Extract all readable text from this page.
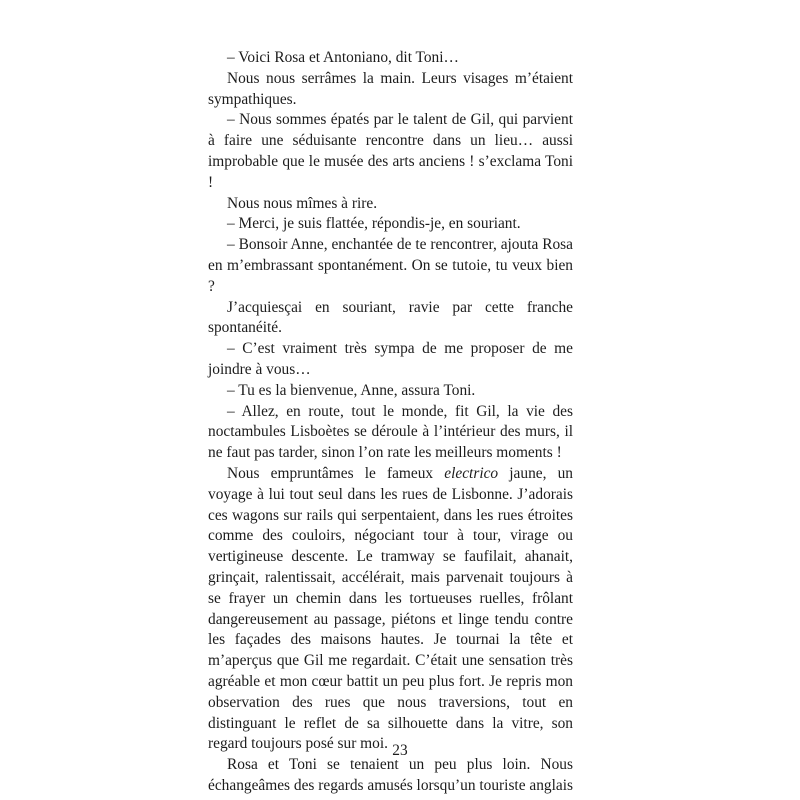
– Voici Rosa et Antoniano, dit Toni…

Nous nous serrâmes la main. Leurs visages m’étaient sympathiques.

– Nous sommes épatés par le talent de Gil, qui parvient à faire une séduisante rencontre dans un lieu… aussi improbable que le musée des arts anciens ! s’exclama Toni !

Nous nous mîmes à rire.

– Merci, je suis flattée, répondis-je, en souriant.

– Bonsoir Anne, enchantée de te rencontrer, ajouta Rosa en m’embrassant spontanément. On se tutoie, tu veux bien ?

J’acquiesçai en souriant, ravie par cette franche spontanéité.

– C’est vraiment très sympa de me proposer de me joindre à vous…

– Tu es la bienvenue, Anne, assura Toni.

– Allez, en route, tout le monde, fit Gil, la vie des noctambules Lisboètes se déroule à l’intérieur des murs, il ne faut pas tarder, sinon l’on rate les meilleurs moments !

Nous empruntâmes le fameux electrico jaune, un voyage à lui tout seul dans les rues de Lisbonne. J’adorais ces wagons sur rails qui serpentaient, dans les rues étroites comme des couloirs, négociant tour à tour, virage ou vertigineuse descente. Le tramway se faufilait, ahanait, grinçait, ralentissait, accélérait, mais parvenait toujours à se frayer un chemin dans les tortueuses ruelles, frôlant dangereusement au passage, piétons et linge tendu contre les façades des maisons hautes. Je tournai la tête et m’aperçus que Gil me regardait. C’était une sensation très agréable et mon cœur battit un peu plus fort. Je repris mon observation des rues que nous traversions, tout en distinguant le reflet de sa silhouette dans la vitre, son regard toujours posé sur moi.

Rosa et Toni se tenaient un peu plus loin. Nous échangeâmes des regards amusés lorsqu’un touriste anglais

23
